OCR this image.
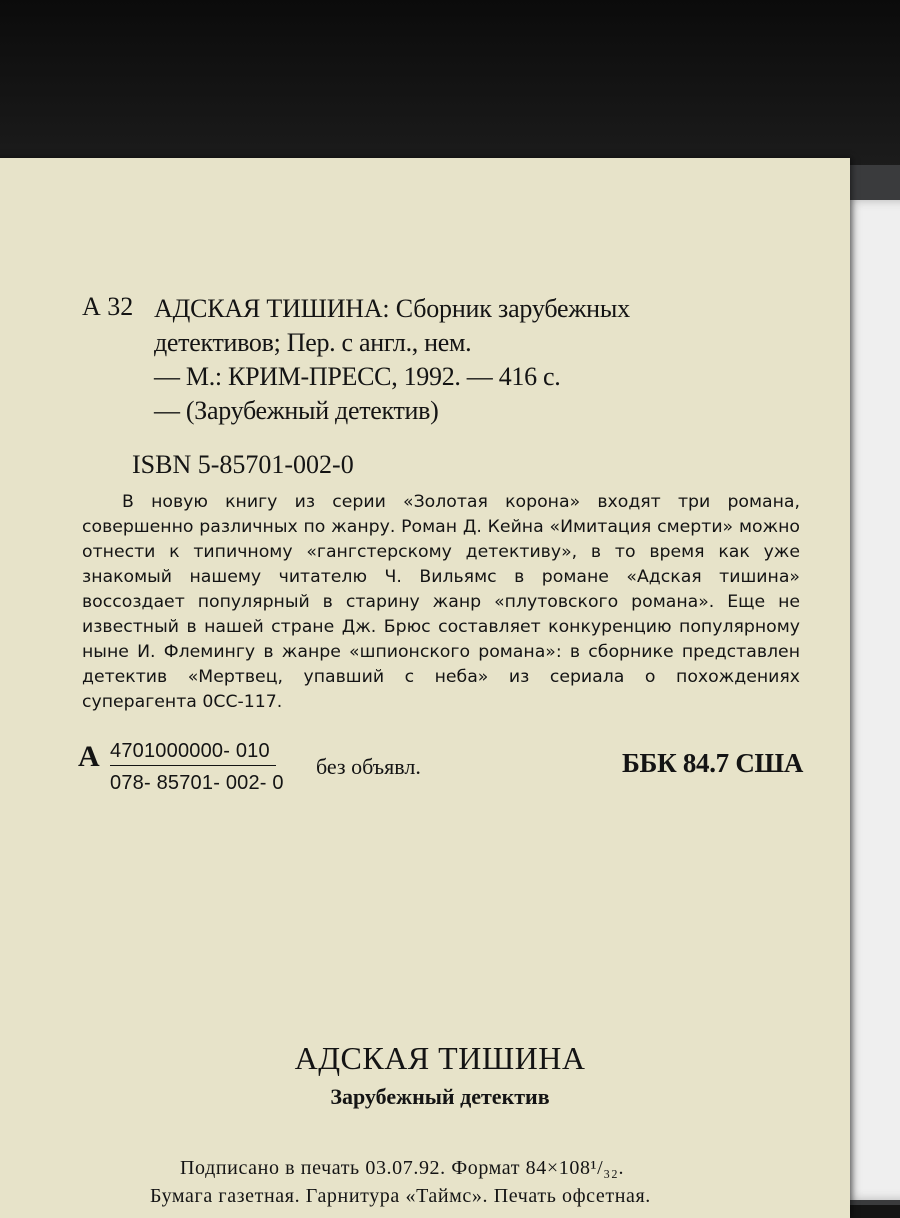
А 32 АДСКАЯ ТИШИНА: Сборник зарубежных
детективов; Пер. с англ., нем.
— М.: КРИМ-ПРЕСС, 1992. — 416 с.
— (Зарубежный детектив)
ISBN 5-85701-002-0

В новую книгу из серии «Золотая корона» входят три романа, совершенно различных по жанру. Роман Д. Кейна «Имитация смерти» можно отнести к типичному «гангстерскому детективу», в то время как уже знакомый нашему читателю Ч. Вильямс в романе «Адская тишина» воссоздает популярный в старину жанр «плутовского романа». Еще не известный в нашей стране Дж. Брюс составляет конкуренцию популярному ныне И. Флемингу в жанре «шпионского романа»: в сборнике представлен детектив «Мертвец, упавший с неба» из сериала о похождениях суперагента 0СС-117.

А 4701000000- 010
078- 85701- 002- 0
без объявл.	ББК 84.7 США
АДСКАЯ ТИШИНА
Зарубежный детектив
Подписано в печать 03.07.92. Формат 84×108¹/₃₂.
Бумага газетная. Гарнитура «Таймс». Печать офсетная.
